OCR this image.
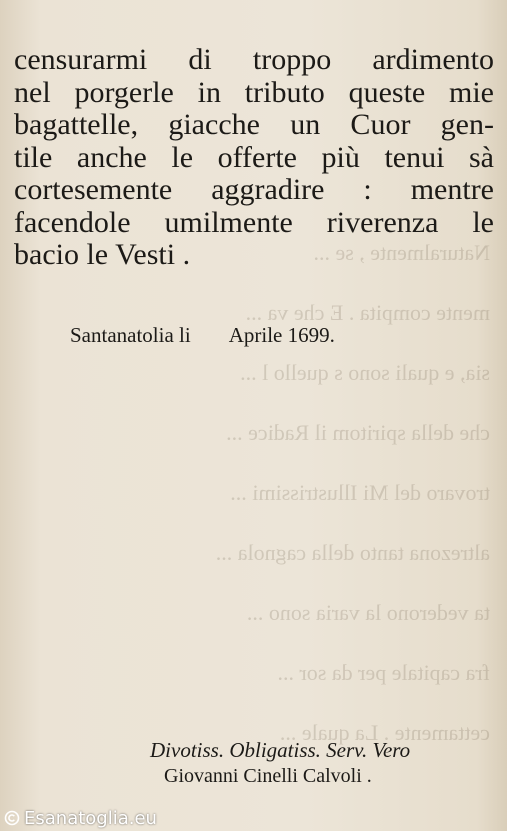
Naturalmente , se ...
mente compita . E che va ...
sia, e quali sono s quello l ...
che della spiritom il Radice ...
trovaro del Mi Illustrissimi ...
altrezona tanto della cagnola ...
ta vederono la varia sono ...
fra capitale per da sor ...
cettamente . La quale ...
censurarmi di troppo ardimento
nel porgerle in tributo queste mie
bagattelle, giacche un Cuor gen-
tile anche le offerte più tenui sà
cortesemente aggradire : mentre
facendole umilmente riverenza le
bacio le Vesti .
Santanatolia li Aprile 1699.
Divotiss. Obligatiss. Serv. Vero
Giovanni Cinelli Calvoli .
Esanatoglia.eu
